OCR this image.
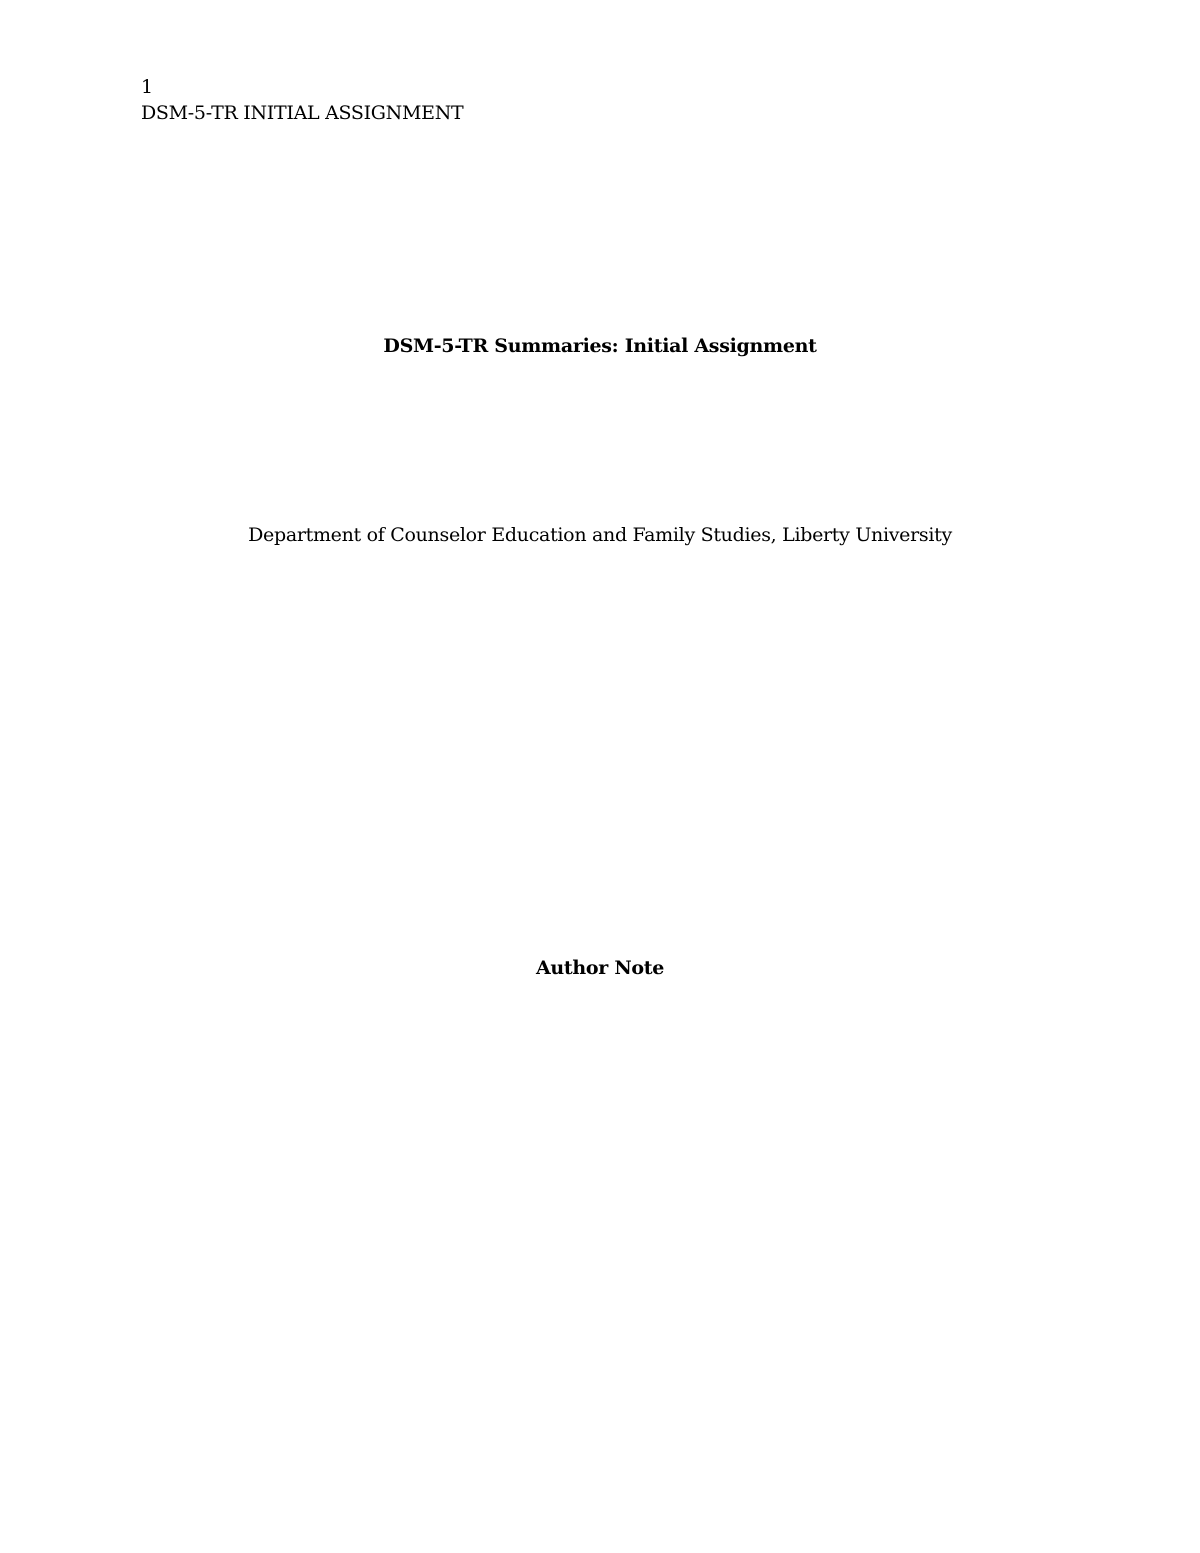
1
DSM-5-TR INITIAL ASSIGNMENT
DSM-5-TR Summaries: Initial Assignment
Department of Counselor Education and Family Studies, Liberty University
Author Note
